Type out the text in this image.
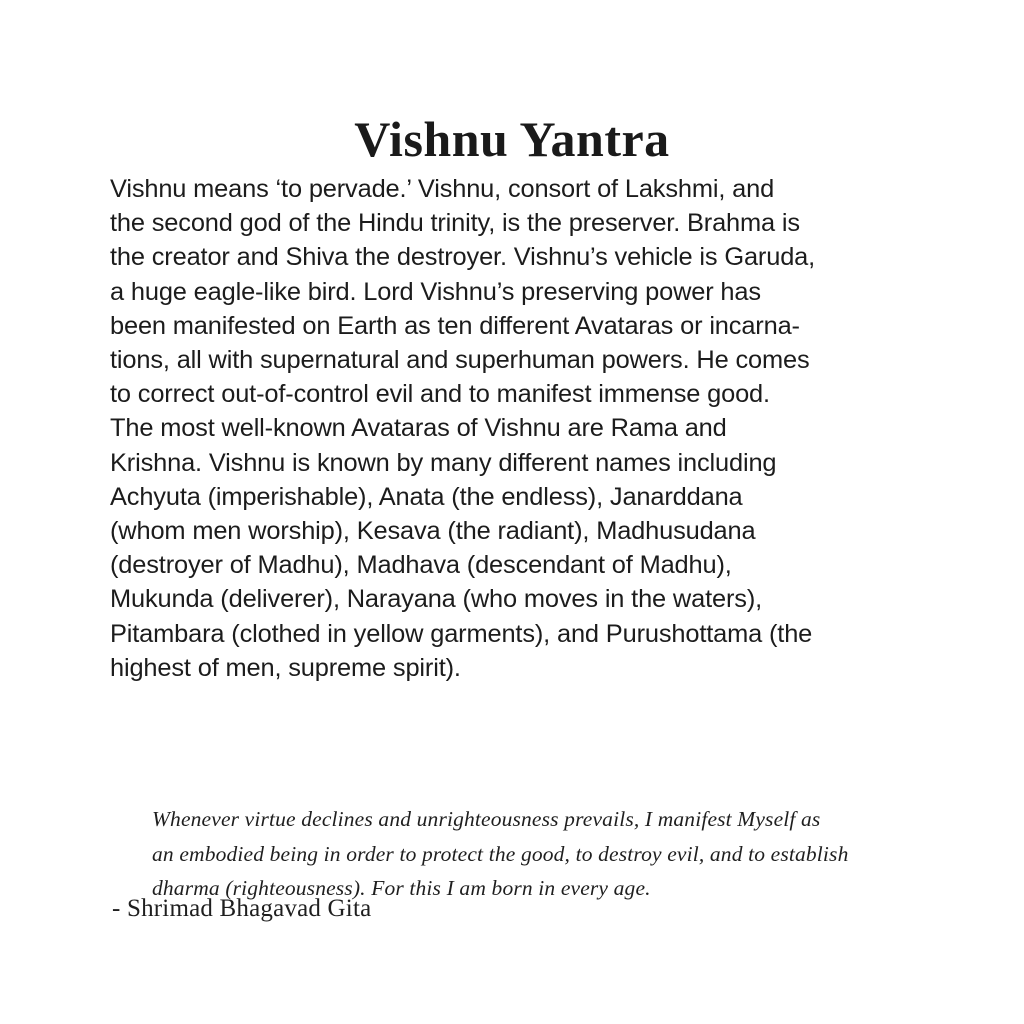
Vishnu Yantra
Vishnu means ‘to pervade.’ Vishnu, consort of Lakshmi, and
the second god of the Hindu trinity, is the preserver. Brahma is
the creator and Shiva the destroyer. Vishnu’s vehicle is Garuda,
a huge eagle-like bird. Lord Vishnu’s preserving power has
been manifested on Earth as ten different Avataras or incarna-
tions, all with supernatural and superhuman powers. He comes
to correct out-of-control evil and to manifest immense good.
The most well-known Avataras of Vishnu are Rama and
Krishna. Vishnu is known by many different names including
Achyuta (imperishable), Anata (the endless), Janarddana
(whom men worship), Kesava (the radiant), Madhusudana
(destroyer of Madhu), Madhava (descendant of Madhu),
Mukunda (deliverer), Narayana (who moves in the waters),
Pitambara (clothed in yellow garments), and Purushottama (the
highest of men, supreme spirit).
Whenever virtue declines and unrighteousness prevails, I manifest Myself as
an embodied being in order to protect the good, to destroy evil, and to establish
dharma (righteousness). For this I am born in every age.
- Shrimad Bhagavad Gita
